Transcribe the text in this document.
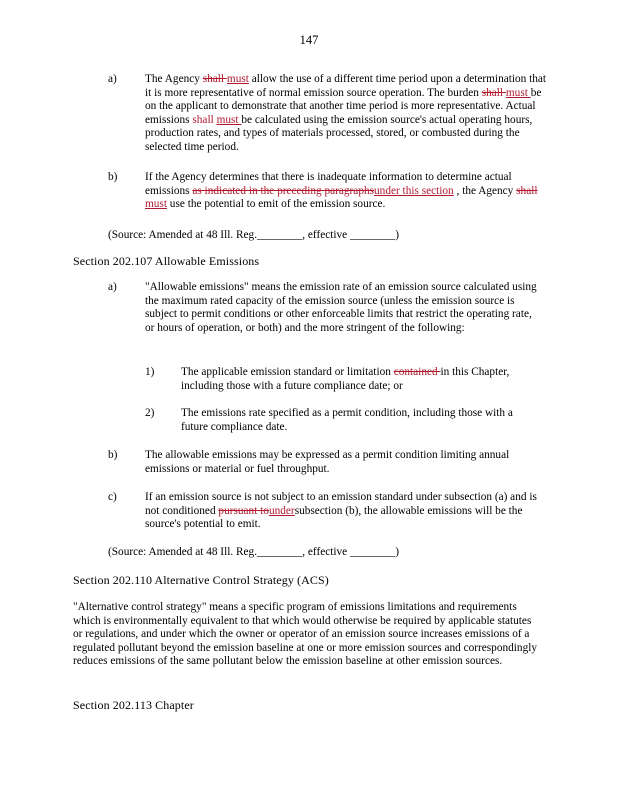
147
a) The Agency shall must allow the use of a different time period upon a determination that it is more representative of normal emission source operation. The burden shall must be on the applicant to demonstrate that another time period is more representative. Actual emissions shall must be calculated using the emission source's actual operating hours, production rates, and types of materials processed, stored, or combusted during the selected time period.
b) If the Agency determines that there is inadequate information to determine actual emissions as indicated in the preceding paragraphsunder this section , the Agency shall must use the potential to emit of the emission source.
(Source: Amended at 48 Ill. Reg.________, effective ________)
Section 202.107 Allowable Emissions
a) "Allowable emissions" means the emission rate of an emission source calculated using the maximum rated capacity of the emission source (unless the emission source is subject to permit conditions or other enforceable limits that restrict the operating rate, or hours of operation, or both) and the more stringent of the following:
1) The applicable emission standard or limitation contained in this Chapter, including those with a future compliance date; or
2) The emissions rate specified as a permit condition, including those with a future compliance date.
b) The allowable emissions may be expressed as a permit condition limiting annual emissions or material or fuel throughput.
c) If an emission source is not subject to an emission standard under subsection (a) and is not conditioned pursuant toundersubsection (b), the allowable emissions will be the source's potential to emit.
(Source: Amended at 48 Ill. Reg.________, effective ________)
Section 202.110 Alternative Control Strategy (ACS)
"Alternative control strategy" means a specific program of emissions limitations and requirements which is environmentally equivalent to that which would otherwise be required by applicable statutes or regulations, and under which the owner or operator of an emission source increases emissions of a regulated pollutant beyond the emission baseline at one or more emission sources and correspondingly reduces emissions of the same pollutant below the emission baseline at other emission sources.
Section 202.113 Chapter
